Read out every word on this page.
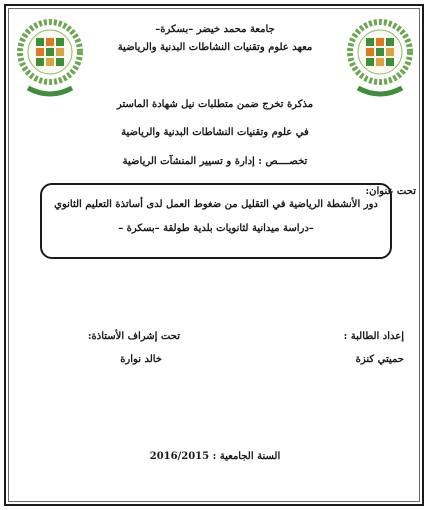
جامعة محمد خيضر –بسكرة–
معهد علوم وتقنيات النشاطات البدنية والرياضية
مذكرة تخرج ضمن متطلبات نيل شهادة الماستر
في علوم وتقنيات النشاطات البدنية والرياضية
تخصــــص : إدارة و تسيير المنشآت الرياضية
تحت عنوان:
دور الأنشطة الرياضية في التقليل من ضغوط العمل لدى أساتذة التعليم الثانوي
–دراسة ميدانية لثانويات بلدية طولقة –بسكرة –
إعداد الطالبة :
تحت إشراف الأستاذة:
حميتي كنزة
خالد نوارة
السنة الجامعية : 2016/2015
